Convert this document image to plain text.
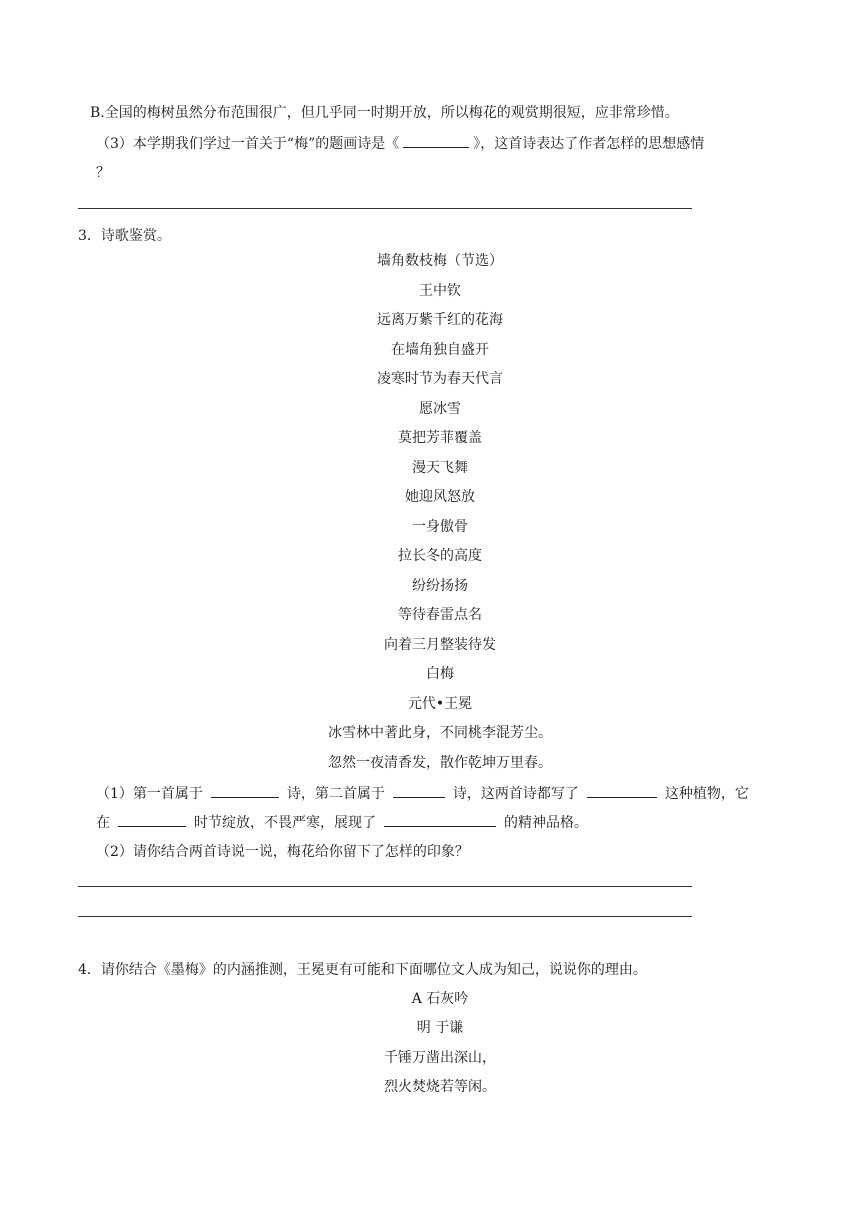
B.全国的梅树虽然分布范围很广，但几乎同一时期开放，所以梅花的观赏期很短，应非常珍惜。
（3）本学期我们学过一首关于“梅”的题画诗是《	》，这首诗表达了作者怎样的思想感情
？
3．诗歌鉴赏。
墙角数枝梅（节选）
王中钦
远离万紫千红的花海
在墙角独自盛开
凌寒时节为春天代言
愿冰雪
莫把芳菲覆盖
漫天飞舞
她迎风怒放
一身傲骨
拉长冬的高度
纷纷扬扬
等待春雷点名
向着三月整装待发
白梅
元代•王冕
冰雪林中著此身，不同桃李混芳尘。
忽然一夜清香发，散作乾坤万里春。
（1）第一首属于	诗，第二首属于	诗，这两首诗都写了	这种植物，它
在	时节绽放，不畏严寒，展现了	的精神品格。
（2）请你结合两首诗说一说，梅花给你留下了怎样的印象？
4．请你结合《墨梅》的内涵推测，王冕更有可能和下面哪位文人成为知己，说说你的理由。
A 石灰吟
明 于谦
千锤万凿出深山，
烈火焚烧若等闲。
